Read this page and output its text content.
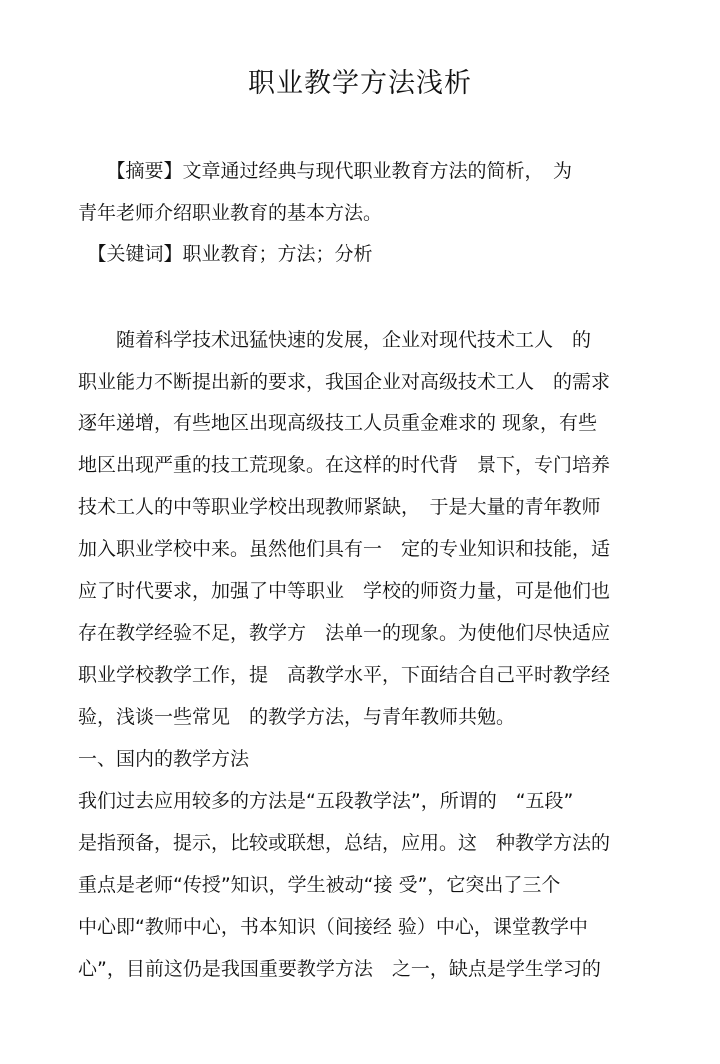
职业教学方法浅析
　　【摘要】文章通过经典与现代职业教育方法的简析，　为
青年老师介绍职业教育的基本方法。
　【关键词】职业教育；方法；分析
　　随着科学技术迅猛快速的发展，企业对现代技术工人　的
职业能力不断提出新的要求，我国企业对高级技术工人　的需求
逐年递增，有些地区出现高级技工人员重金难求的 现象，有些
地区出现严重的技工荒现象。在这样的时代背　景下，专门培养
技术工人的中等职业学校出现教师紧缺，　于是大量的青年教师
加入职业学校中来。虽然他们具有一　定的专业知识和技能，适
应了时代要求，加强了中等职业　学校的师资力量，可是他们也
存在教学经验不足，教学方　法单一的现象。为使他们尽快适应
职业学校教学工作，提　高教学水平，下面结合自己平时教学经
验，浅谈一些常见　的教学方法，与青年教师共勉。
一、国内的教学方法
我们过去应用较多的方法是“五段教学法”，所谓的　“五段”
是指预备，提示，比较或联想，总结，应用。这　种教学方法的
重点是老师“传授”知识，学生被动“接 受”，它突出了三个
中心即“教师中心，书本知识（间接经 验）中心，课堂教学中
心”，目前这仍是我国重要教学方法　之一，缺点是学生学习的
